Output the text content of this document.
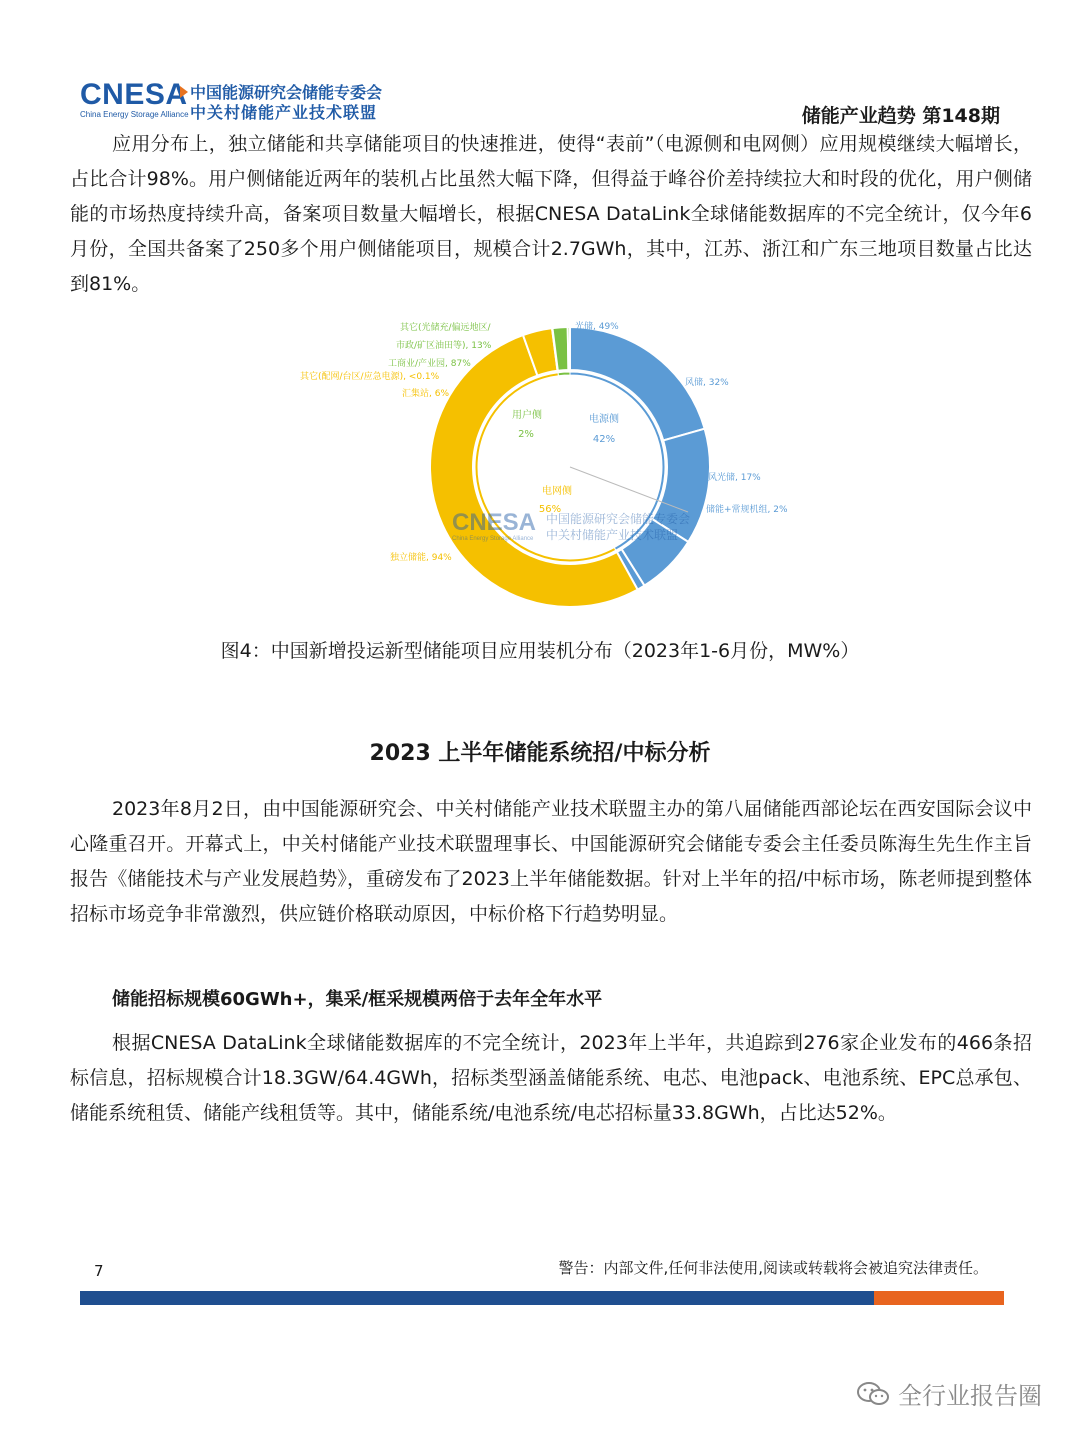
CNESA
China Energy Storage Alliance
中国能源研究会储能专委会
中关村储能产业技术联盟	储能产业趋势 第148期

应用分布上，独立储能和共享储能项目的快速推进，使得“表前”（电源侧和电网侧）应用规模继续大幅增长，占比合计98%。用户侧储能近两年的装机占比虽然大幅下降，但得益于峰谷价差持续拉大和时段的优化，用户侧储能的市场热度持续升高，备案项目数量大幅增长，根据CNESA DataLink全球储能数据库的不完全统计，仅今年6月份，全国共备案了250多个用户侧储能项目，规模合计2.7GWh，其中，江苏、浙江和广东三地项目数量占比达到81%。

电源侧
42%
电网侧
56%
用户侧
2%
光储, 49%
风储, 32%
风光储, 17%
储能+常规机组, 2%
独立储能, 94%
汇集站, 6%
其它(配网/台区/应急电源), <0.1%
工商业/产业园, 87%
其它(光储充/偏远地区/
市政/矿区油田等), 13%
CNESA
China Energy Storage Alliance
中国能源研究会储能专委会
中关村储能产业技术联盟
图4：中国新增投运新型储能项目应用装机分布（2023年1-6月份，MW%）
2023 上半年储能系统招/中标分析

2023年8月2日，由中国能源研究会、中关村储能产业技术联盟主办的第八届储能西部论坛在西安国际会议中心隆重召开。开幕式上，中关村储能产业技术联盟理事长、中国能源研究会储能专委会主任委员陈海生先生作主旨报告《储能技术与产业发展趋势》，重磅发布了2023上半年储能数据。针对上半年的招/中标市场，陈老师提到整体招标市场竞争非常激烈，供应链价格联动原因，中标价格下行趋势明显。

储能招标规模60GWh+，集采/框采规模两倍于去年全年水平

根据CNESA DataLink全球储能数据库的不完全统计，2023年上半年，共追踪到276家企业发布的466条招标信息，招标规模合计18.3GW/64.4GWh，招标类型涵盖储能系统、电芯、电池pack、电池系统、EPC总承包、储能系统租赁、储能产线租赁等。其中，储能系统/电池系统/电芯招标量33.8GWh，占比达52%。

7	警告：内部文件,任何非法使用,阅读或转载将会被追究法律责任。
全行业报告圈
